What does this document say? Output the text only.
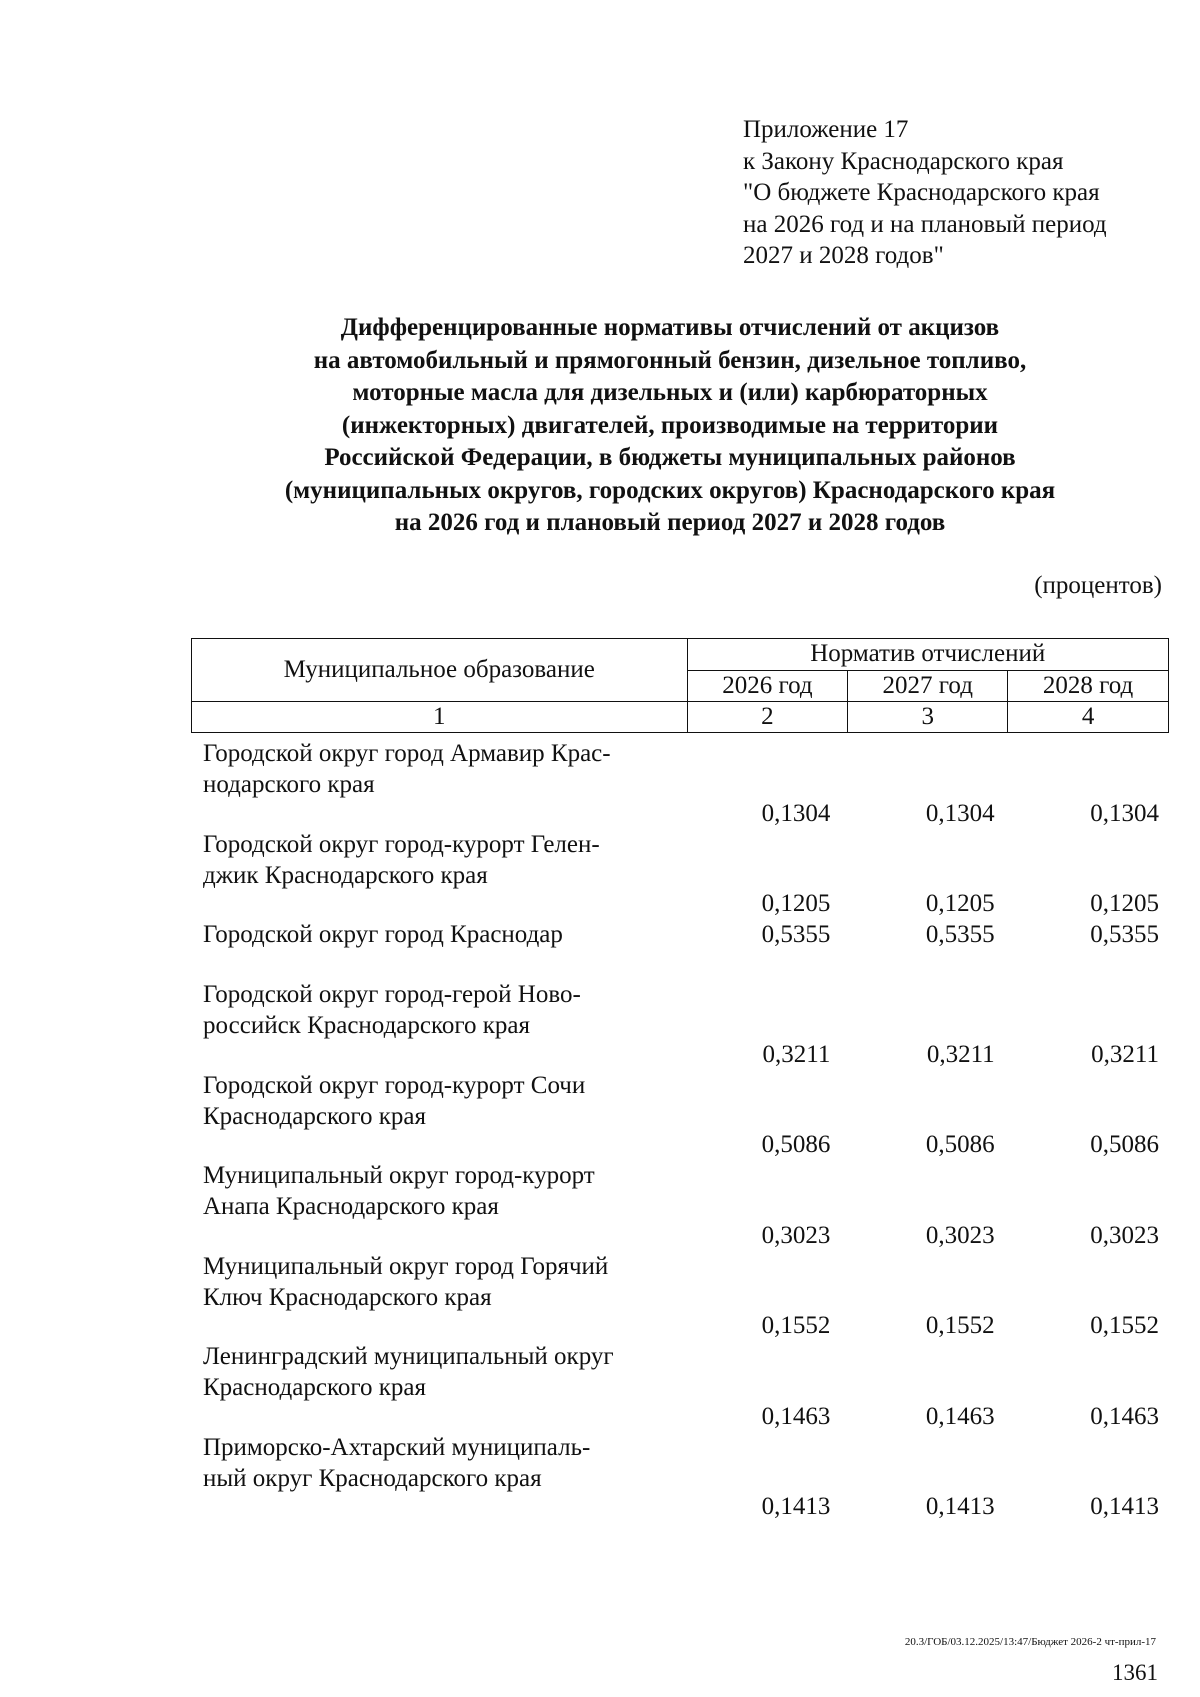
Приложение 17
к Закону Краснодарского края
"О бюджете Краснодарского края
на 2026 год и на плановый период
2027 и 2028 годов"
Дифференцированные нормативы отчислений от акцизов
на автомобильный и прямогонный бензин, дизельное топливо,
моторные масла для дизельных и (или) карбюраторных
(инжекторных) двигателей, производимые на территории
Российской Федерации, в бюджеты муниципальных районов
(муниципальных округов, городских округов) Краснодарского края
на 2026 год и плановый период 2027 и 2028 годов
(процентов)
Муниципальное образование	Норматив отчислений		
	2026 год	2027 год	2028 год
1	2	3	4
Городской округ город Армавир Крас-
нодарского края	0,1304	0,1304	0,1304

Городской округ город-курорт Гелен-
джик Краснодарского края	0,1205	0,1205	0,1205

Городской округ город Краснодар	0,5355	0,5355	0,5355

Городской округ город-герой Ново-
российск Краснодарского края	0,3211	0,3211	0,3211

Городской округ город-курорт Сочи
Краснодарского края	0,5086	0,5086	0,5086

Муниципальный округ город-курорт
Анапа Краснодарского края	0,3023	0,3023	0,3023

Муниципальный округ город Горячий
Ключ Краснодарского края	0,1552	0,1552	0,1552

Ленинградский муниципальный округ
Краснодарского края	0,1463	0,1463	0,1463

Приморско-Ахтарский муниципаль-
ный округ Краснодарского края	0,1413	0,1413	0,1413
20.3/ГОБ/03.12.2025/13:47/Бюджет 2026-2 чт-прил-17
1361
